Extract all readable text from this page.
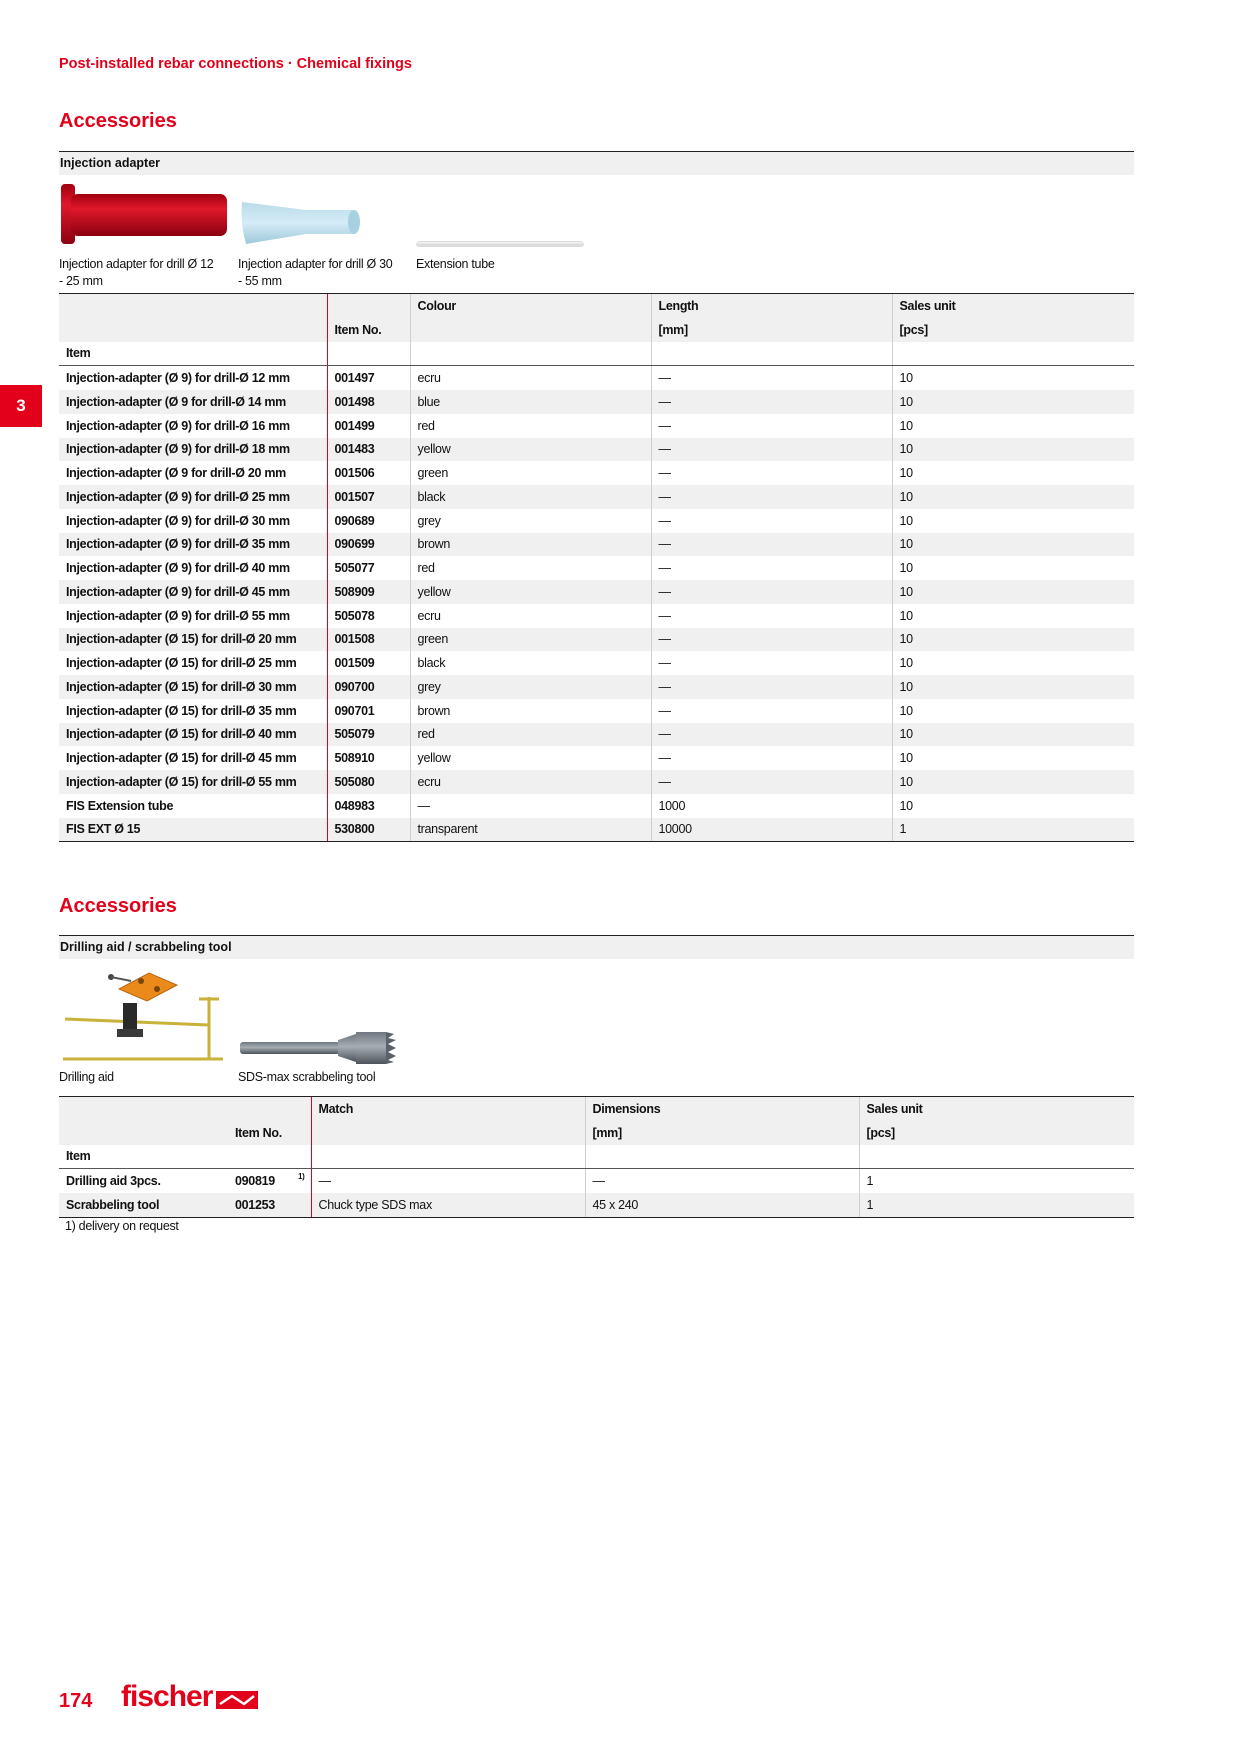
Post-installed rebar connections · Chemical fixings
3
Accessories
Injection adapter
Injection adapter for drill Ø 12 - 25 mm
Injection adapter for drill Ø 30 - 55 mm
Extension tube
		Colour	Length	Sales unit
	Item No.		[mm]	[pcs]
Item				
Injection-adapter (Ø 9) for drill-Ø 12 mm	001497	ecru	—	10
Injection-adapter (Ø 9 for drill-Ø 14 mm	001498	blue	—	10
Injection-adapter (Ø 9) for drill-Ø 16 mm	001499	red	—	10
Injection-adapter (Ø 9) for drill-Ø 18 mm	001483	yellow	—	10
Injection-adapter (Ø 9 for drill-Ø 20 mm	001506	green	—	10
Injection-adapter (Ø 9) for drill-Ø 25 mm	001507	black	—	10
Injection-adapter (Ø 9) for drill-Ø 30 mm	090689	grey	—	10
Injection-adapter (Ø 9) for drill-Ø 35 mm	090699	brown	—	10
Injection-adapter (Ø 9) for drill-Ø 40 mm	505077	red	—	10
Injection-adapter (Ø 9) for drill-Ø 45 mm	508909	yellow	—	10
Injection-adapter (Ø 9) for drill-Ø 55 mm	505078	ecru	—	10
Injection-adapter (Ø 15) for drill-Ø 20 mm	001508	green	—	10
Injection-adapter (Ø 15) for drill-Ø 25 mm	001509	black	—	10
Injection-adapter (Ø 15) for drill-Ø 30 mm	090700	grey	—	10
Injection-adapter (Ø 15) for drill-Ø 35 mm	090701	brown	—	10
Injection-adapter (Ø 15) for drill-Ø 40 mm	505079	red	—	10
Injection-adapter (Ø 15) for drill-Ø 45 mm	508910	yellow	—	10
Injection-adapter (Ø 15) for drill-Ø 55 mm	505080	ecru	—	10
FIS Extension tube	048983	—	1000	10
FIS EXT Ø 15	530800	transparent	10000	1
Accessories
Drilling aid / scrabbeling tool
Drilling aid	SDS-max scrabbeling tool
		Match	Dimensions	Sales unit
	Item No.		[mm]	[pcs]
Item				
Drilling aid 3pcs.	090819 1)	—	—	1
Scrabbeling tool	001253	Chuck type SDS max	45 x 240	1
1) delivery on request
174 fischer
